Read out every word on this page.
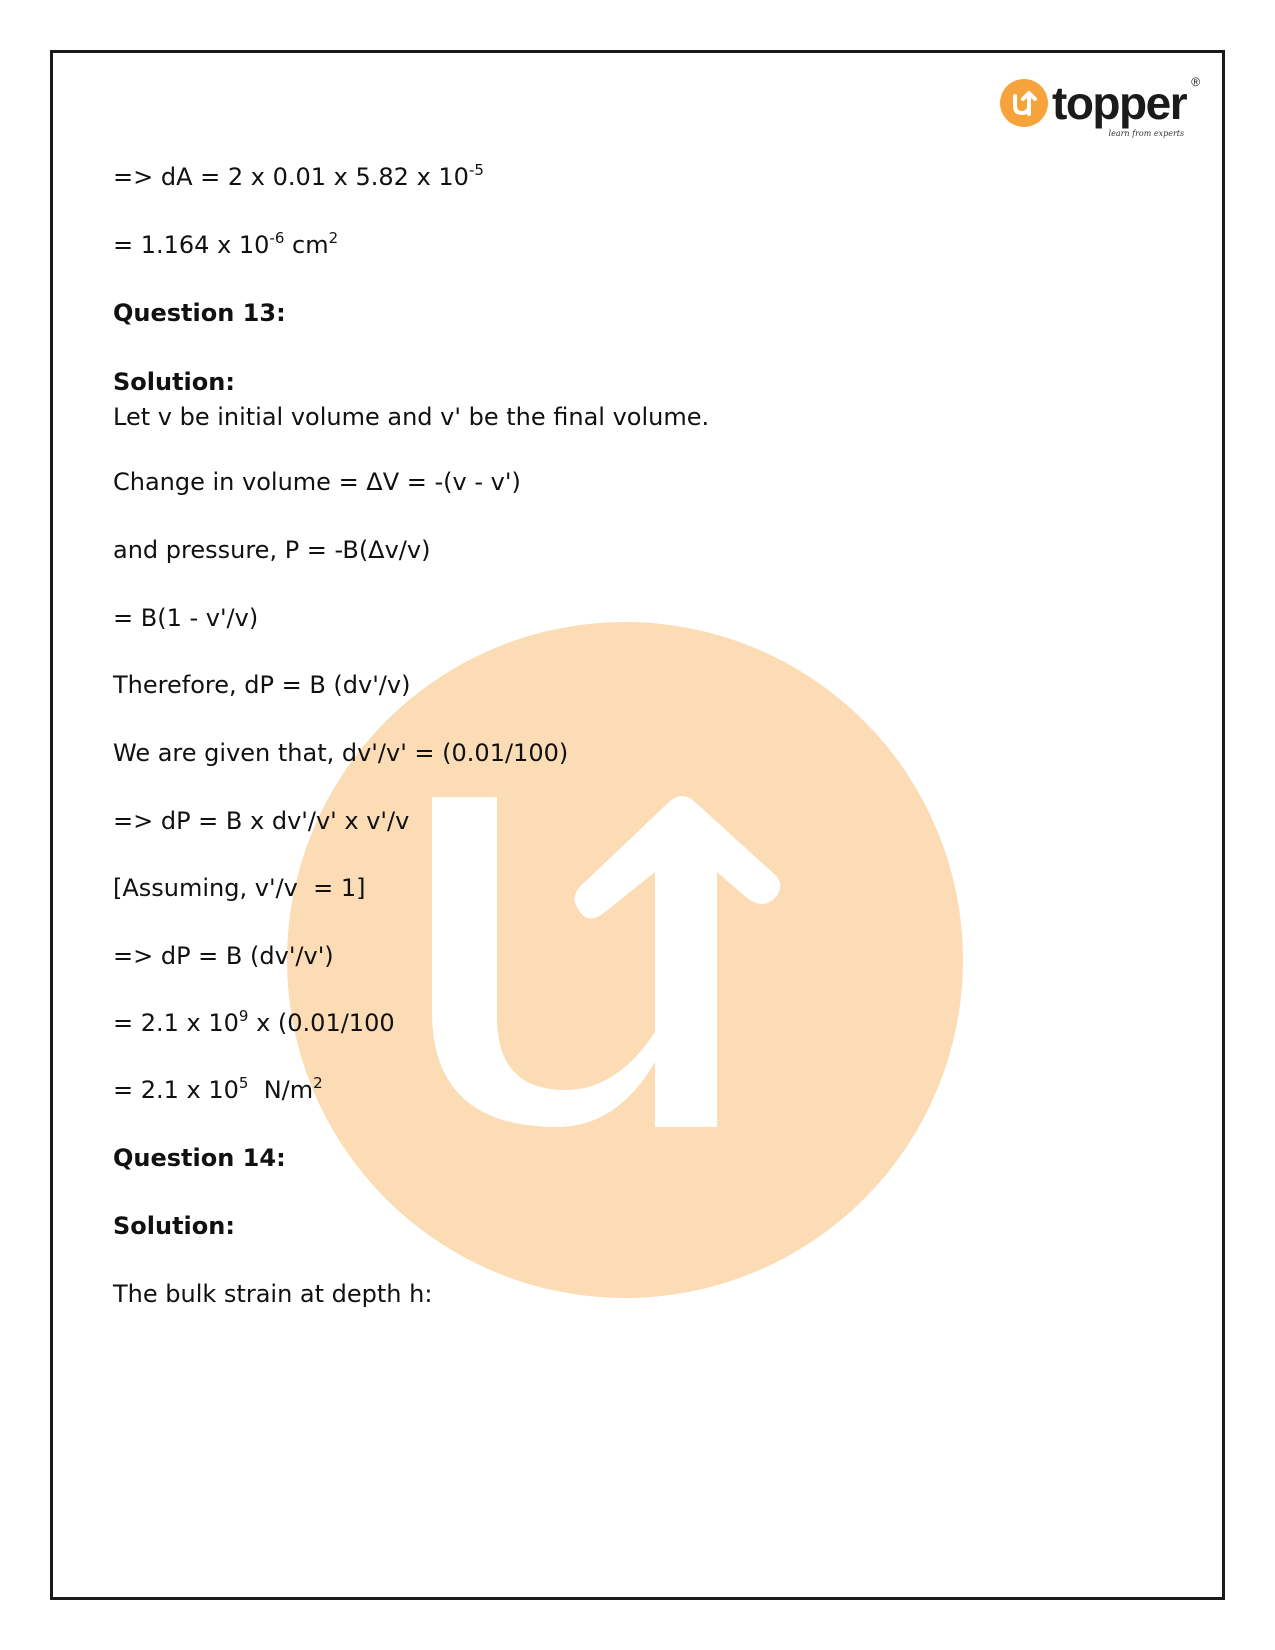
topper ®
learn from experts
=> dA = 2 x 0.01 x 5.82 x $10^{-5}$
= 1.164 x $10^{-6}$ $cm^2$
Question 13:
Solution:
Let v be initial volume and v' be the final volume.
Change in volume = ΔV = -(v - v')
and pressure, P = -B(Δv/v)
= B(1 - v'/v)
Therefore, dP = B (dv'/v)
We are given that, dv'/v' = (0.01/100)
=> dP = B x dv'/v' x v'/v
[Assuming, v'/v  = 1]
=> dP = B (dv'/v')
= 2.1 x $10^9$ x (0.01/100
= 2.1 x $10^5$  $N/m^2$
Question 14:
Solution:
The bulk strain at depth h:
